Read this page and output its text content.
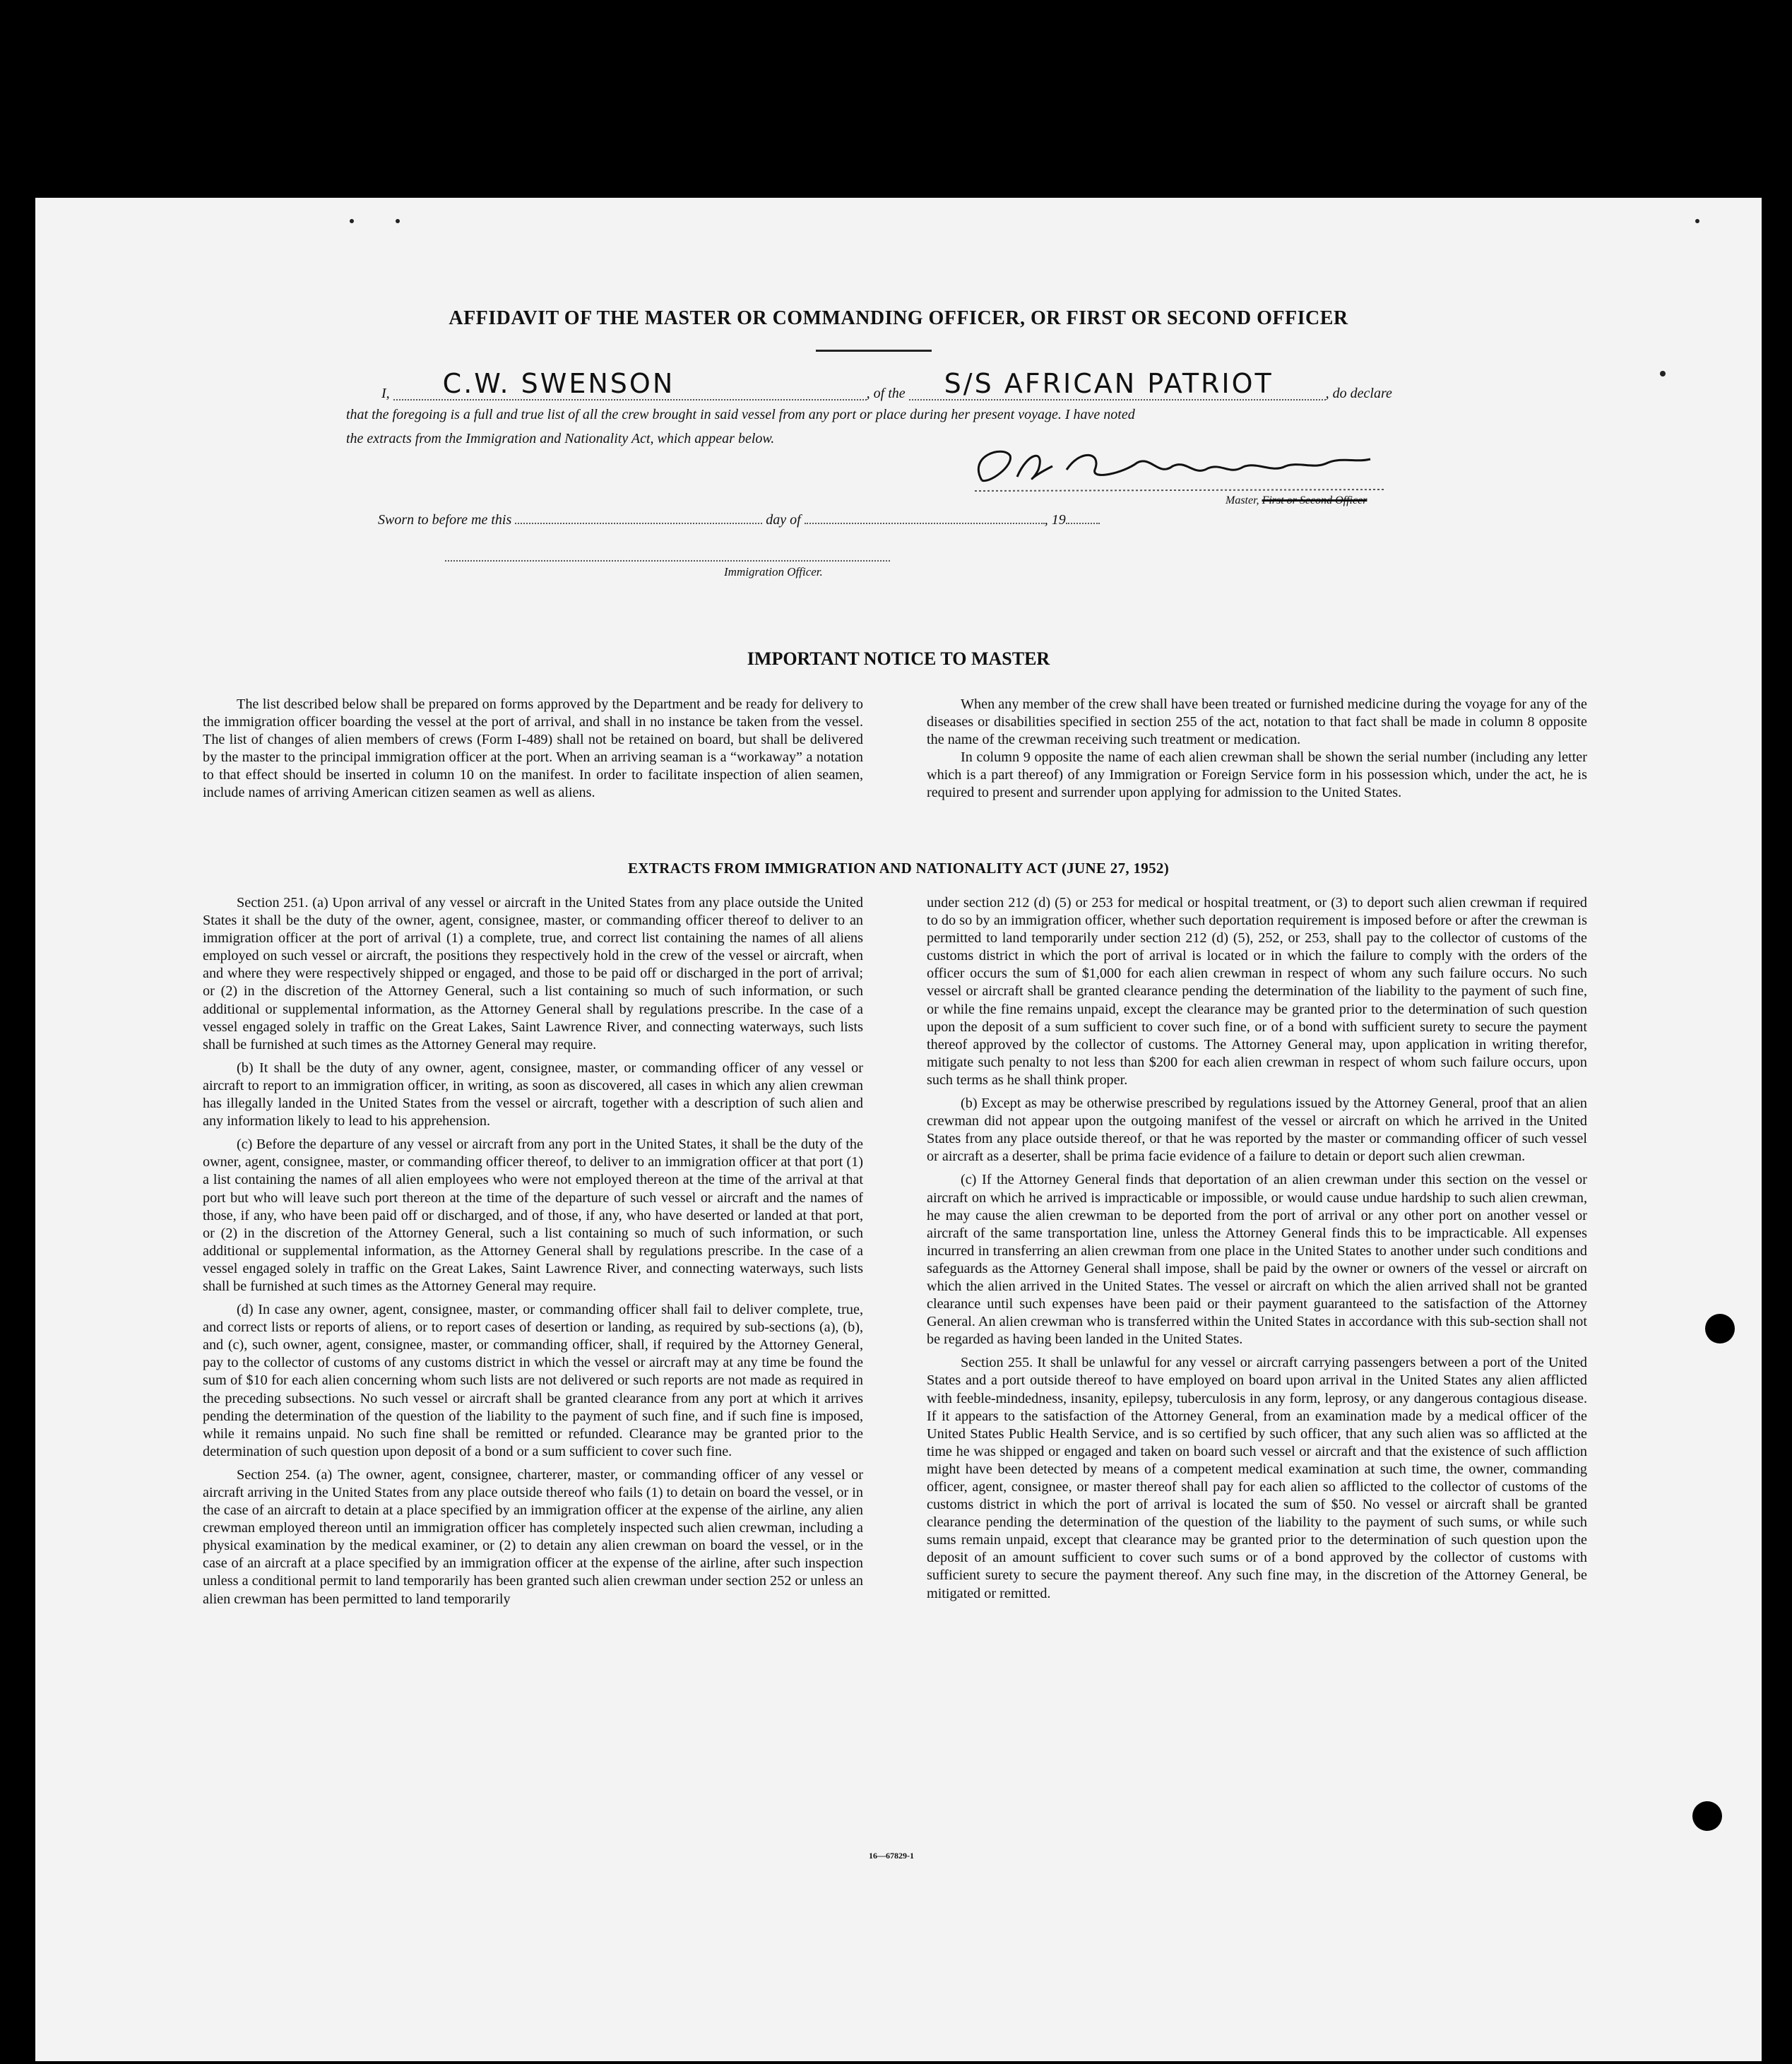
AFFIDAVIT OF THE MASTER OR COMMANDING OFFICER, OR FIRST OR SECOND OFFICER
I, C.W. SWENSON	, of the S/S AFRICAN PATRIOT	, do declare
that the foregoing is a full and true list of all the crew brought in said vessel from any port or place during her present voyage. I have noted
the extracts from the Immigration and Nationality Act, which appear below.
Master, First or Second Officer
Sworn to before me this	day of	, 19
Immigration Officer.
IMPORTANT NOTICE TO MASTER

The list described below shall be prepared on forms approved by the Department and be ready for delivery to the immigration officer boarding the vessel at the port of arrival, and shall in no instance be taken from the vessel. The list of changes of alien members of crews (Form I-489) shall not be retained on board, but shall be delivered by the master to the principal immigration officer at the port. When an arriving seaman is a “workaway” a notation to that effect should be inserted in column 10 on the manifest. In order to facilitate inspection of alien seamen, include names of arriving American citizen seamen as well as aliens.

When any member of the crew shall have been treated or furnished medicine during the voyage for any of the diseases or disabilities specified in section 255 of the act, notation to that fact shall be made in column 8 opposite the name of the crewman receiving such treatment or medication.

In column 9 opposite the name of each alien crewman shall be shown the serial number (including any letter which is a part thereof) of any Immigration or Foreign Service form in his possession which, under the act, he is required to present and surrender upon applying for admission to the United States.

EXTRACTS FROM IMMIGRATION AND NATIONALITY ACT (JUNE 27, 1952)

Section 251. (a) Upon arrival of any vessel or aircraft in the United States from any place outside the United States it shall be the duty of the owner, agent, consignee, master, or commanding officer thereof to deliver to an immigration officer at the port of arrival (1) a complete, true, and correct list containing the names of all aliens employed on such vessel or aircraft, the positions they respectively hold in the crew of the vessel or aircraft, when and where they were respectively shipped or engaged, and those to be paid off or discharged in the port of arrival; or (2) in the discretion of the Attorney General, such a list containing so much of such information, or such additional or supplemental information, as the Attorney General shall by regulations prescribe. In the case of a vessel engaged solely in traffic on the Great Lakes, Saint Lawrence River, and connecting waterways, such lists shall be furnished at such times as the Attorney General may require.

(b) It shall be the duty of any owner, agent, consignee, master, or commanding officer of any vessel or aircraft to report to an immigration officer, in writing, as soon as discovered, all cases in which any alien crewman has illegally landed in the United States from the vessel or aircraft, together with a description of such alien and any information likely to lead to his apprehension.

(c) Before the departure of any vessel or aircraft from any port in the United States, it shall be the duty of the owner, agent, consignee, master, or commanding officer thereof, to deliver to an immigration officer at that port (1) a list containing the names of all alien employees who were not employed thereon at the time of the arrival at that port but who will leave such port thereon at the time of the departure of such vessel or aircraft and the names of those, if any, who have been paid off or discharged, and of those, if any, who have deserted or landed at that port, or (2) in the discretion of the Attorney General, such a list containing so much of such information, or such additional or supplemental information, as the Attorney General shall by regulations prescribe. In the case of a vessel engaged solely in traffic on the Great Lakes, Saint Lawrence River, and connecting waterways, such lists shall be furnished at such times as the Attorney General may require.

(d) In case any owner, agent, consignee, master, or commanding officer shall fail to deliver complete, true, and correct lists or reports of aliens, or to report cases of desertion or landing, as required by sub-sections (a), (b), and (c), such owner, agent, consignee, master, or commanding officer, shall, if required by the Attorney General, pay to the collector of customs of any customs district in which the vessel or aircraft may at any time be found the sum of $10 for each alien concerning whom such lists are not delivered or such reports are not made as required in the preceding subsections. No such vessel or aircraft shall be granted clearance from any port at which it arrives pending the determination of the question of the liability to the payment of such fine, and if such fine is imposed, while it remains unpaid. No such fine shall be remitted or refunded. Clearance may be granted prior to the determination of such question upon deposit of a bond or a sum sufficient to cover such fine.

Section 254. (a) The owner, agent, consignee, charterer, master, or commanding officer of any vessel or aircraft arriving in the United States from any place outside thereof who fails (1) to detain on board the vessel, or in the case of an aircraft to detain at a place specified by an immigration officer at the expense of the airline, any alien crewman employed thereon until an immigration officer has completely inspected such alien crewman, including a physical examination by the medical examiner, or (2) to detain any alien crewman on board the vessel, or in the case of an aircraft at a place specified by an immigration officer at the expense of the airline, after such inspection unless a conditional permit to land temporarily has been granted such alien crewman under section 252 or unless an alien crewman has been permitted to land temporarily

under section 212 (d) (5) or 253 for medical or hospital treatment, or (3) to deport such alien crewman if required to do so by an immigration officer, whether such deportation requirement is imposed before or after the crewman is permitted to land temporarily under section 212 (d) (5), 252, or 253, shall pay to the collector of customs of the customs district in which the port of arrival is located or in which the failure to comply with the orders of the officer occurs the sum of $1,000 for each alien crewman in respect of whom any such failure occurs. No such vessel or aircraft shall be granted clearance pending the determination of the liability to the payment of such fine, or while the fine remains unpaid, except the clearance may be granted prior to the determination of such question upon the deposit of a sum sufficient to cover such fine, or of a bond with sufficient surety to secure the payment thereof approved by the collector of customs. The Attorney General may, upon application in writing therefor, mitigate such penalty to not less than $200 for each alien crewman in respect of whom such failure occurs, upon such terms as he shall think proper.

(b) Except as may be otherwise prescribed by regulations issued by the Attorney General, proof that an alien crewman did not appear upon the outgoing manifest of the vessel or aircraft on which he arrived in the United States from any place outside thereof, or that he was reported by the master or commanding officer of such vessel or aircraft as a deserter, shall be prima facie evidence of a failure to detain or deport such alien crewman.

(c) If the Attorney General finds that deportation of an alien crewman under this section on the vessel or aircraft on which he arrived is impracticable or impossible, or would cause undue hardship to such alien crewman, he may cause the alien crewman to be deported from the port of arrival or any other port on another vessel or aircraft of the same transportation line, unless the Attorney General finds this to be impracticable. All expenses incurred in transferring an alien crewman from one place in the United States to another under such conditions and safeguards as the Attorney General shall impose, shall be paid by the owner or owners of the vessel or aircraft on which the alien arrived in the United States. The vessel or aircraft on which the alien arrived shall not be granted clearance until such expenses have been paid or their payment guaranteed to the satisfaction of the Attorney General. An alien crewman who is transferred within the United States in accordance with this sub-section shall not be regarded as having been landed in the United States.

Section 255. It shall be unlawful for any vessel or aircraft carrying passengers between a port of the United States and a port outside thereof to have employed on board upon arrival in the United States any alien afflicted with feeble-mindedness, insanity, epilepsy, tuberculosis in any form, leprosy, or any dangerous contagious disease. If it appears to the satisfaction of the Attorney General, from an examination made by a medical officer of the United States Public Health Service, and is so certified by such officer, that any such alien was so afflicted at the time he was shipped or engaged and taken on board such vessel or aircraft and that the existence of such affliction might have been detected by means of a competent medical examination at such time, the owner, commanding officer, agent, consignee, or master thereof shall pay for each alien so afflicted to the collector of customs of the customs district in which the port of arrival is located the sum of $50. No vessel or aircraft shall be granted clearance pending the determination of the question of the liability to the payment of such sums, or while such sums remain unpaid, except that clearance may be granted prior to the determination of such question upon the deposit of an amount sufficient to cover such sums or of a bond approved by the collector of customs with sufficient surety to secure the payment thereof. Any such fine may, in the discretion of the Attorney General, be mitigated or remitted.

16—67829-1
